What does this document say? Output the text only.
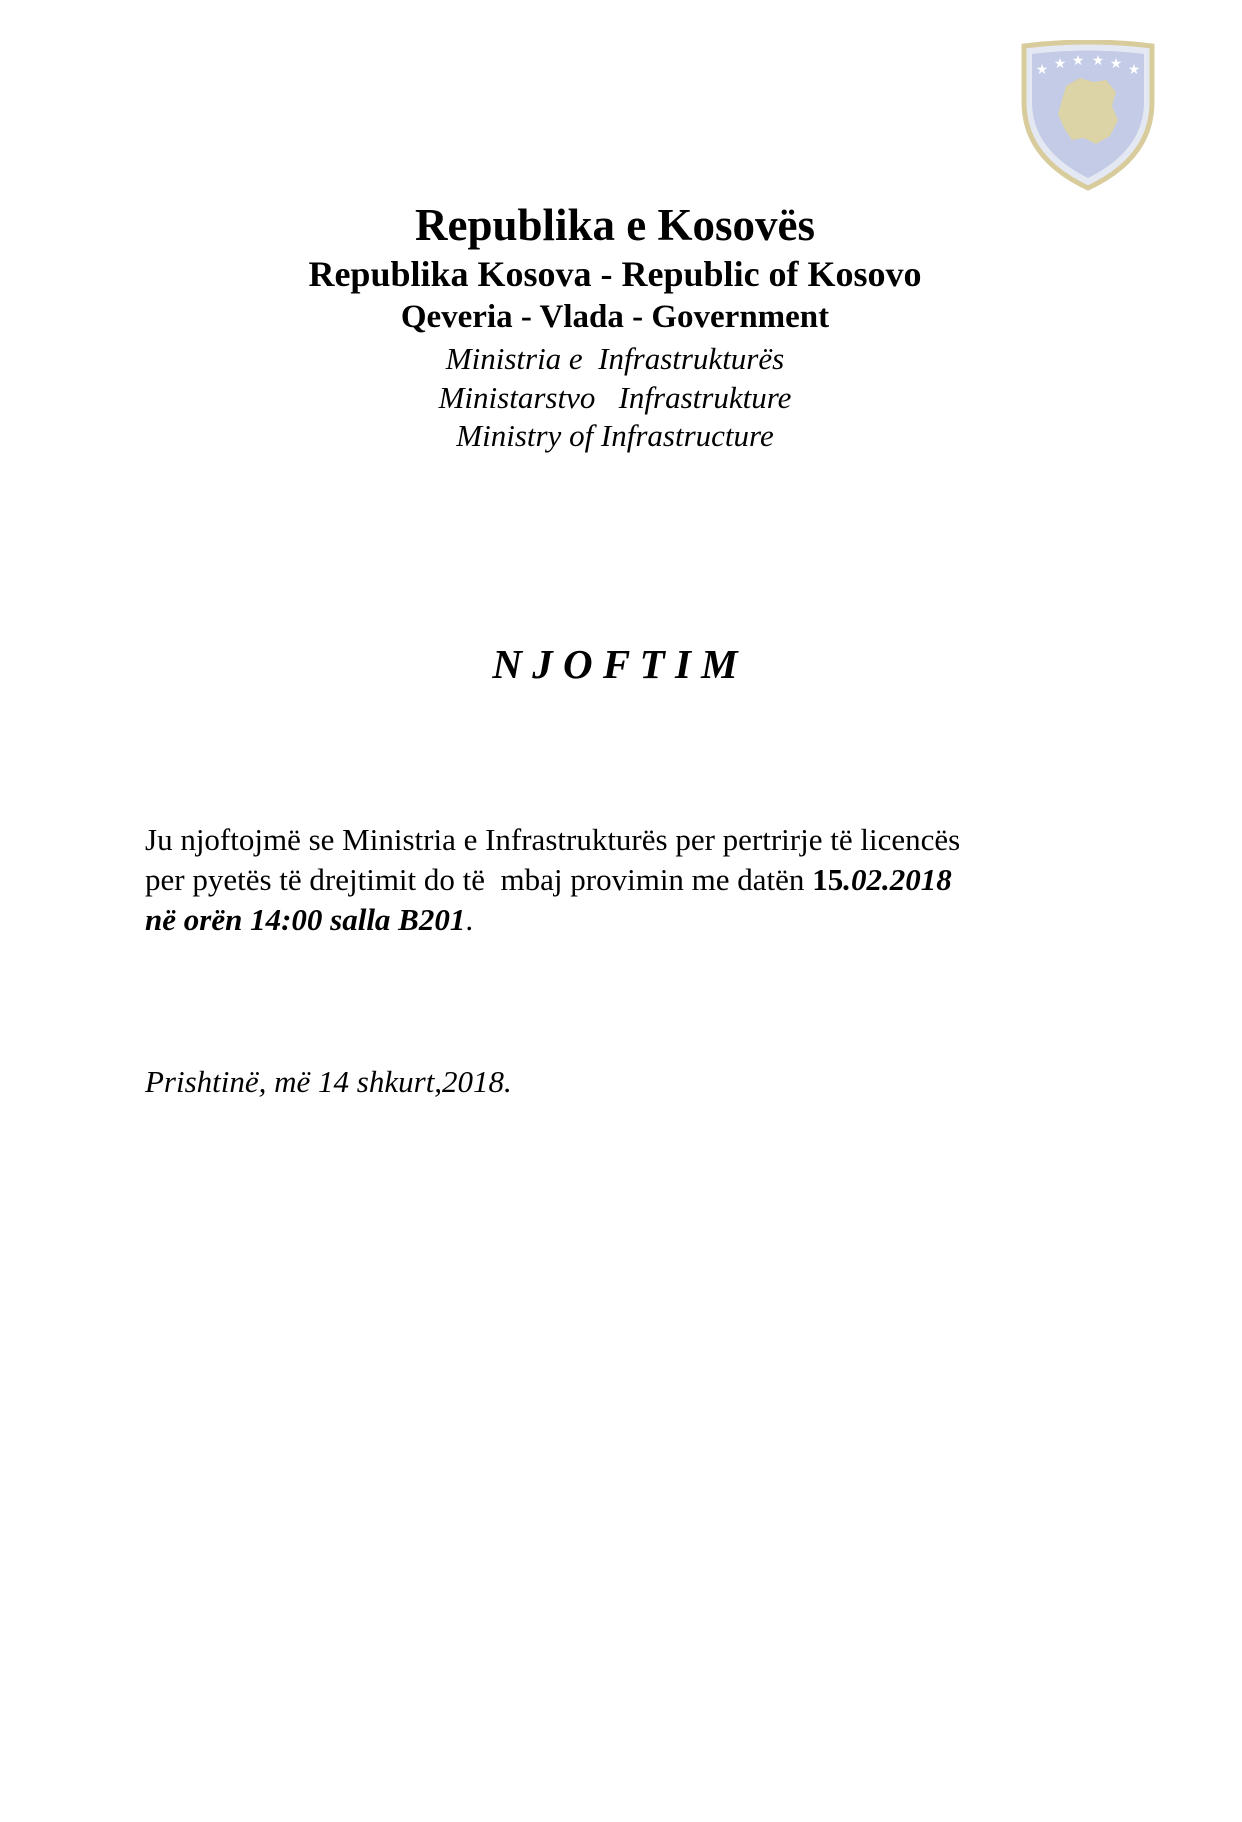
★ ★ ★ ★ ★ ★
Republika e Kosovës
Republika Kosova - Republic of Kosovo
Qeveria - Vlada - Government
Ministria e  Infrastrukturës
Ministarstvo   Infrastrukture
Ministry of Infrastructure
N J O F T I M
Ju njoftojmë se Ministria e Infrastrukturës per pertrirje të licencës
per pyetës të drejtimit do të  mbaj provimin me datën 15.02.2018
në orën 14:00 salla B201.
Prishtinë, më 14 shkurt,2018.
